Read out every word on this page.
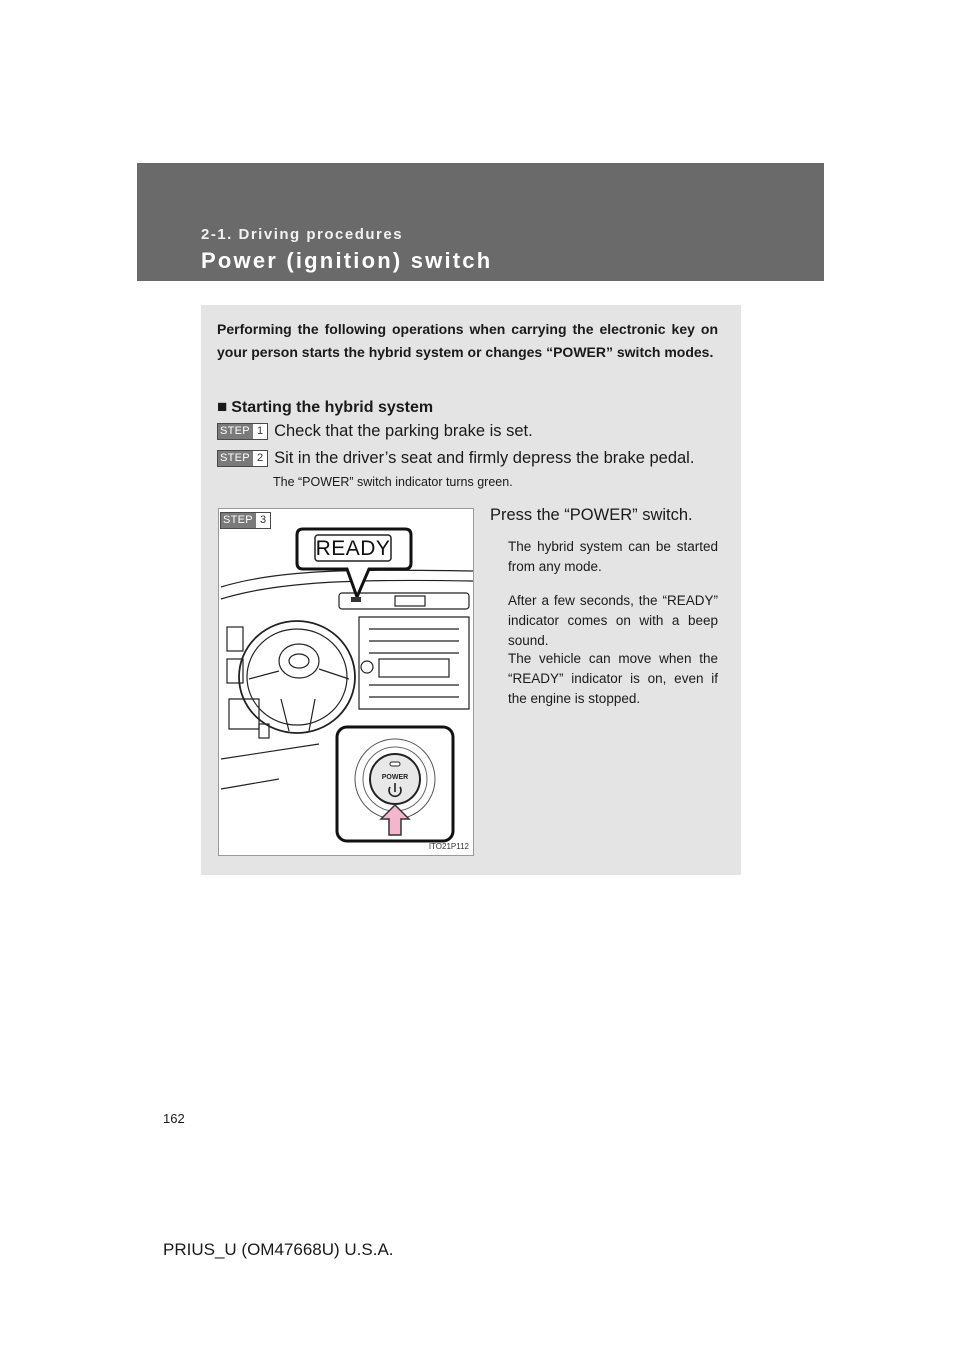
2-1. Driving procedures
Power (ignition) switch

Performing the following operations when carrying the electronic key on your person starts the hybrid system or changes “POWER” switch modes.

■ Starting the hybrid system
STEP 1 Check that the parking brake is set.
STEP 2 Sit in the driver’s seat and firmly depress the brake pedal.
The “POWER” switch indicator turns green.
READY
POWER
STEP 3
ITO21P112
Press the “POWER” switch.

The hybrid system can be started from any mode.

After a few seconds, the “READY” indicator comes on with a beep sound.

The vehicle can move when the “READY” indicator is on, even if the engine is stopped.

162
PRIUS_U (OM47668U) U.S.A.
